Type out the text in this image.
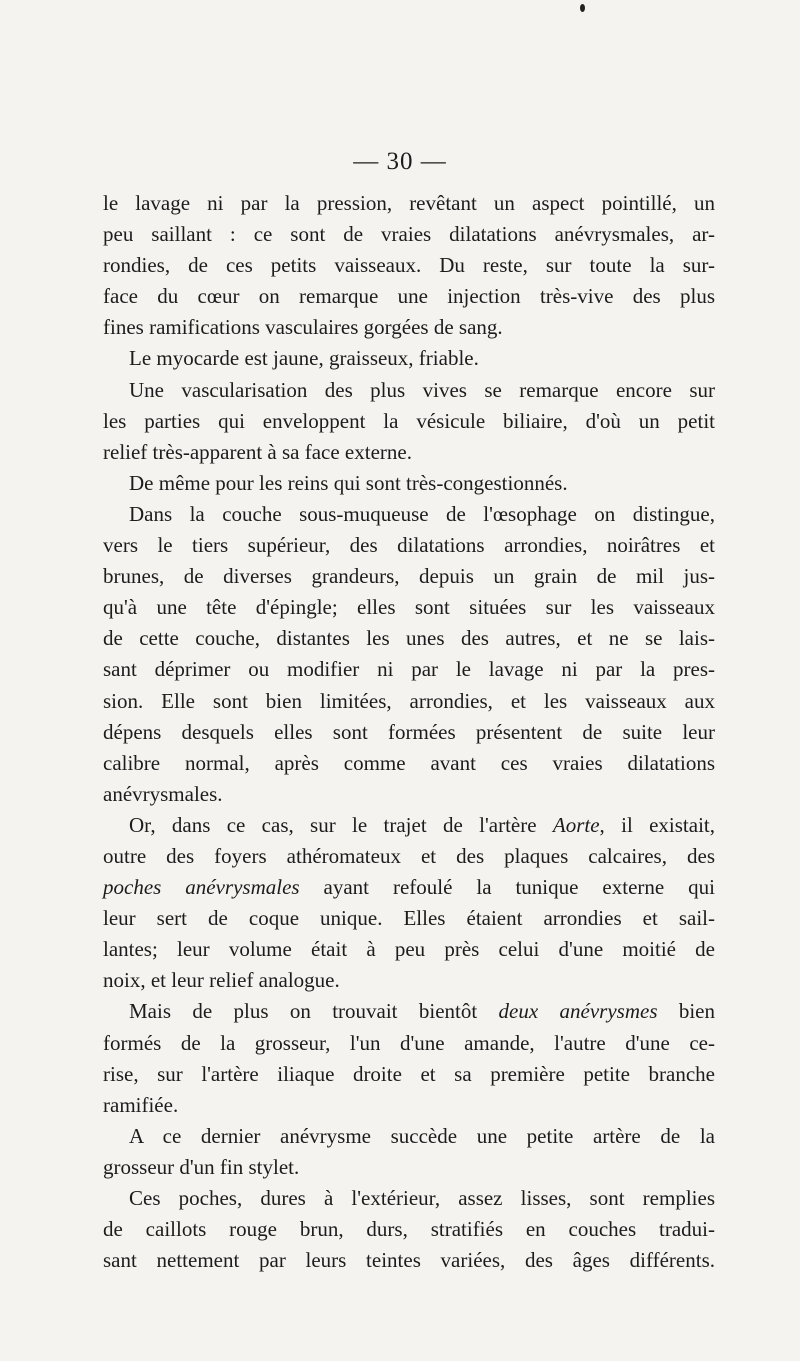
— 30 —
le lavage ni par la pression, revêtant un aspect pointillé, un
peu saillant : ce sont de vraies dilatations anévrysmales, ar-
rondies, de ces petits vaisseaux. Du reste, sur toute la sur-
face du cœur on remarque une injection très-vive des plus
fines ramifications vasculaires gorgées de sang.
Le myocarde est jaune, graisseux, friable.
Une vascularisation des plus vives se remarque encore sur
les parties qui enveloppent la vésicule biliaire, d'où un petit
relief très-apparent à sa face externe.
De même pour les reins qui sont très-congestionnés.
Dans la couche sous-muqueuse de l'œsophage on distingue,
vers le tiers supérieur, des dilatations arrondies, noirâtres et
brunes, de diverses grandeurs, depuis un grain de mil jus-
qu'à une tête d'épingle; elles sont situées sur les vaisseaux
de cette couche, distantes les unes des autres, et ne se lais-
sant déprimer ou modifier ni par le lavage ni par la pres-
sion. Elle sont bien limitées, arrondies, et les vaisseaux aux
dépens desquels elles sont formées présentent de suite leur
calibre normal, après comme avant ces vraies dilatations
anévrysmales.
Or, dans ce cas, sur le trajet de l'artère Aorte, il existait,
outre des foyers athéromateux et des plaques calcaires, des
poches anévrysmales ayant refoulé la tunique externe qui
leur sert de coque unique. Elles étaient arrondies et sail-
lantes; leur volume était à peu près celui d'une moitié de
noix, et leur relief analogue.
Mais de plus on trouvait bientôt deux anévrysmes bien
formés de la grosseur, l'un d'une amande, l'autre d'une ce-
rise, sur l'artère iliaque droite et sa première petite branche
ramifiée.
A ce dernier anévrysme succède une petite artère de la
grosseur d'un fin stylet.
Ces poches, dures à l'extérieur, assez lisses, sont remplies
de caillots rouge brun, durs, stratifiés en couches tradui-
sant nettement par leurs teintes variées, des âges différents.
